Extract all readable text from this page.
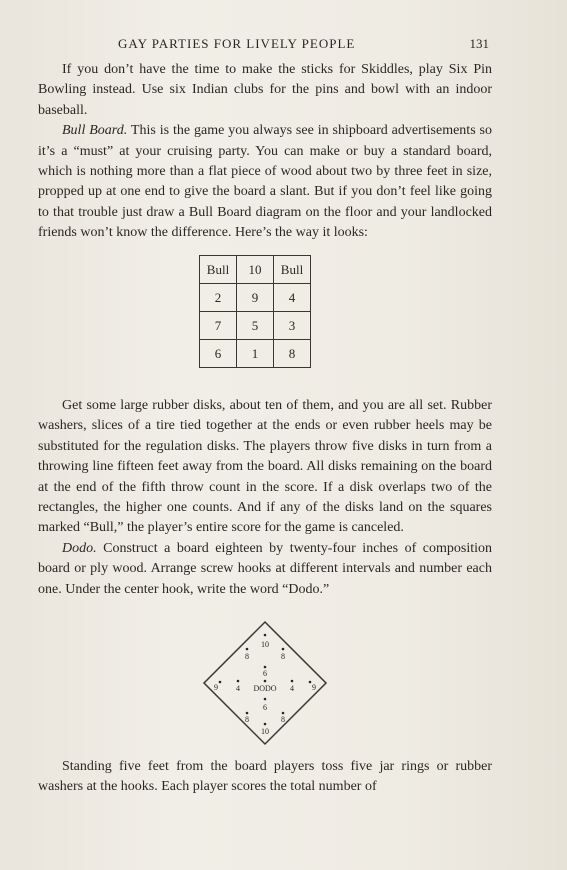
GAY PARTIES FOR LIVELY PEOPLE	131

If you don’t have the time to make the sticks for Skiddles, play Six Pin Bowling instead. Use six Indian clubs for the pins and bowl with an indoor baseball.

Bull Board. This is the game you always see in shipboard advertisements so it’s a “must” at your cruising party. You can make or buy a standard board, which is nothing more than a flat piece of wood about two by three feet in size, propped up at one end to give the board a slant. But if you don’t feel like going to that trouble just draw a Bull Board diagram on the floor and your landlocked friends won’t know the difference. Here’s the way it looks:

Bull	10	Bull
2	9	4
7	5	3
6	1	8

Get some large rubber disks, about ten of them, and you are all set. Rubber washers, slices of a tire tied together at the ends or even rubber heels may be substituted for the regulation disks. The players throw five disks in turn from a throwing line fifteen feet away from the board. All disks remaining on the board at the end of the fifth throw count in the score. If a disk overlaps two of the rectangles, the higher one counts. And if any of the disks land on the squares marked “Bull,” the player’s entire score for the game is canceled.

Dodo. Construct a board eighteen by twenty-four inches of composition board or ply wood. Arrange screw hooks at different intervals and number each one. Under the center hook, write the word “Dodo.”

10
8	8
6
9	9
4 DODO 4
6
8	8
10

Standing five feet from the board players toss five jar rings or rubber washers at the hooks. Each player scores the total number of
